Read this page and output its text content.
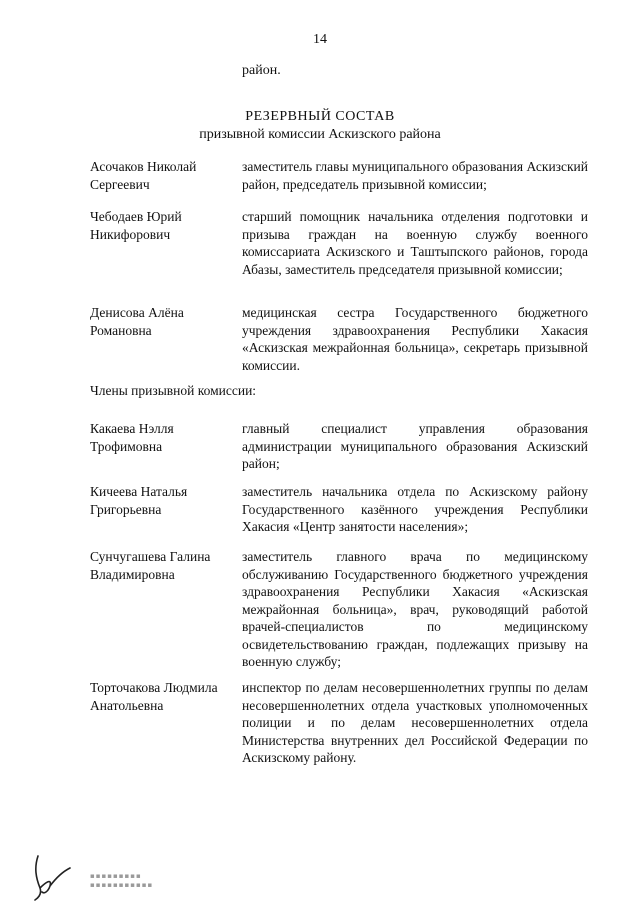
14
район.
РЕЗЕРВНЫЙ СОСТАВ
призывной комиссии Аскизского района
Асочаков Николай Сергеевич
заместитель главы муниципального образования Аскизский район, председатель призывной комиссии;
Чебодаев Юрий Никифорович
старший помощник начальника отделения подготовки и призыва граждан на военную службу военного комиссариата Аскизского и Таштыпского районов, города Абазы, заместитель председателя призывной комиссии;
Денисова Алёна Романовна
медицинская сестра Государственного бюджетного учреждения здравоохранения Республики Хакасия «Аскизская межрайонная больница», секретарь призывной комиссии.
Члены призывной комиссии:
Какаева Нэлля Трофимовна
главный специалист управления образования администрации муниципального образования Аскизский район;
Кичеева Наталья Григорьевна
заместитель начальника отдела по Аскизскому району Государственного казённого учреждения Республики Хакасия «Центр занятости населения»;
Сунчугашева Галина Владимировна
заместитель главного врача по медицинскому обслуживанию Государственного бюджетного учреждения здравоохранения Республики Хакасия «Аскизская межрайонная больница», врач, руководящий работой врачей-специалистов по медицинскому освидетельствованию граждан, подлежащих призыву на военную службу;
Торточакова Людмила Анатольевна
инспектор по делам несовершеннолетних группы по делам несовершеннолетних отдела участковых уполномоченных полиции и по делам несовершеннолетних отдела Министерства внутренних дел Российской Федерации по Аскизскому району.
▪▪▪▪▪▪▪▪▪
▪▪▪▪▪▪▪▪▪▪▪
